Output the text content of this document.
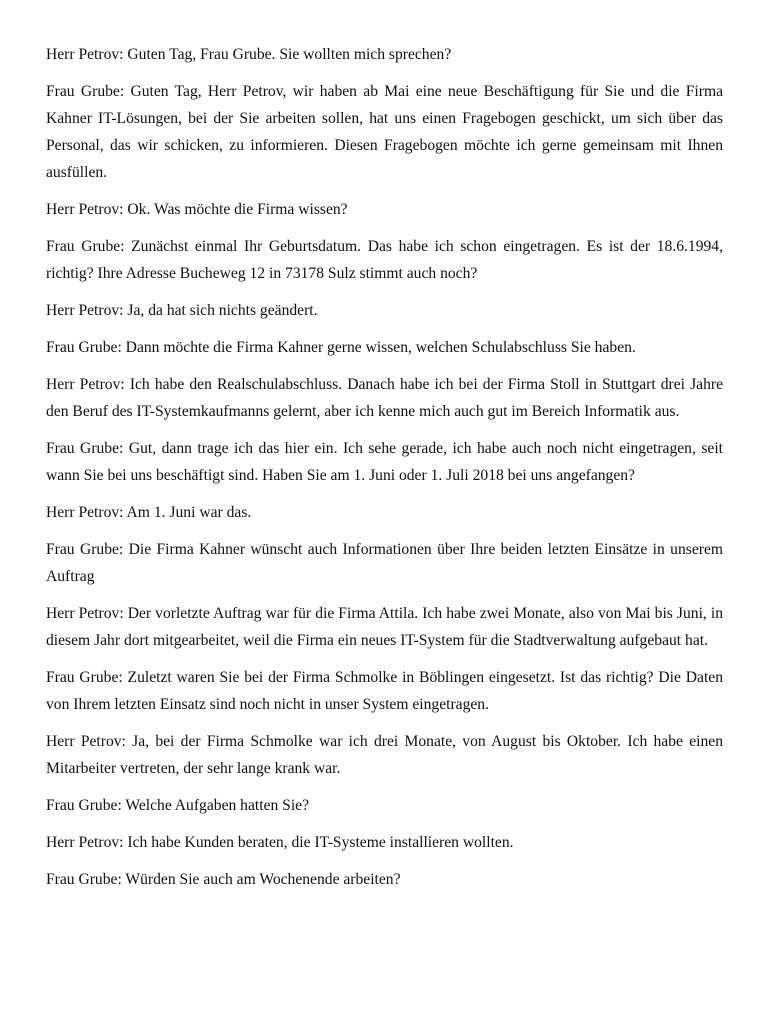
Herr Petrov: Guten Tag, Frau Grube. Sie wollten mich sprechen?

Frau Grube: Guten Tag, Herr Petrov, wir haben ab Mai eine neue Beschäftigung für Sie und die Firma Kahner IT-Lösungen, bei der Sie arbeiten sollen, hat uns einen Fragebogen geschickt, um sich über das Personal, das wir schicken, zu informieren. Diesen Fragebogen möchte ich gerne gemeinsam mit Ihnen ausfüllen.

Herr Petrov: Ok. Was möchte die Firma wissen?

Frau Grube: Zunächst einmal Ihr Geburtsdatum. Das habe ich schon eingetragen. Es ist der 18.6.1994, richtig? Ihre Adresse Bucheweg 12 in 73178 Sulz stimmt auch noch?

Herr Petrov: Ja, da hat sich nichts geändert.

Frau Grube: Dann möchte die Firma Kahner gerne wissen, welchen Schulabschluss Sie haben.

Herr Petrov: Ich habe den Realschulabschluss. Danach habe ich bei der Firma Stoll in Stuttgart drei Jahre den Beruf des IT-Systemkaufmanns gelernt, aber ich kenne mich auch gut im Bereich Informatik aus.

Frau Grube: Gut, dann trage ich das hier ein. Ich sehe gerade, ich habe auch noch nicht eingetragen, seit wann Sie bei uns beschäftigt sind. Haben Sie am 1. Juni oder 1. Juli 2018 bei uns angefangen?

Herr Petrov: Am 1. Juni war das.

Frau Grube: Die Firma Kahner wünscht auch Informationen über Ihre beiden letzten Einsätze in unserem Auftrag

Herr Petrov: Der vorletzte Auftrag war für die Firma Attila. Ich habe zwei Monate, also von Mai bis Juni, in diesem Jahr dort mitgearbeitet, weil die Firma ein neues IT-System für die Stadtverwaltung aufgebaut hat.

Frau Grube: Zuletzt waren Sie bei der Firma Schmolke in Böblingen eingesetzt. Ist das richtig? Die Daten von Ihrem letzten Einsatz sind noch nicht in unser System eingetragen.

Herr Petrov: Ja, bei der Firma Schmolke war ich drei Monate, von August bis Oktober. Ich habe einen Mitarbeiter vertreten, der sehr lange krank war.

Frau Grube: Welche Aufgaben hatten Sie?

Herr Petrov: Ich habe Kunden beraten, die IT-Systeme installieren wollten.

Frau Grube: Würden Sie auch am Wochenende arbeiten?
